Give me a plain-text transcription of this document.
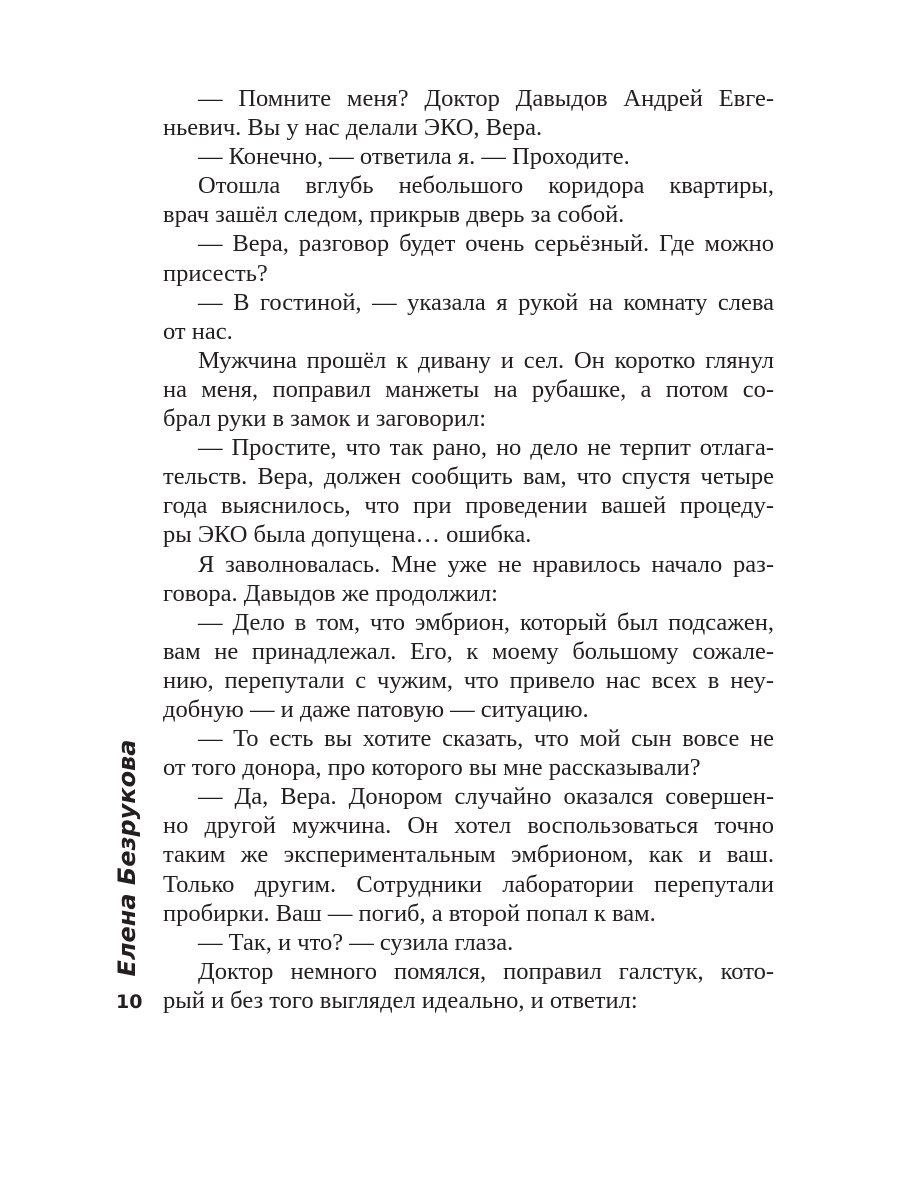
— Помните меня? Доктор Давыдов Андрей Евге-
ньевич. Вы у нас делали ЭКО, Вера.
— Конечно, — ответила я. — Проходите.
Отошла вглубь небольшого коридора квартиры,
врач зашёл следом, прикрыв дверь за собой.
— Вера, разговор будет очень серьёзный. Где можно
присесть?
— В гостиной, — указала я рукой на комнату слева
от нас.
Мужчина прошёл к дивану и сел. Он коротко глянул
на меня, поправил манжеты на рубашке, а потом со-
брал руки в замок и заговорил:
— Простите, что так рано, но дело не терпит отлага-
тельств. Вера, должен сообщить вам, что спустя четыре
года выяснилось, что при проведении вашей процеду-
ры ЭКО была допущена… ошибка.
Я заволновалась. Мне уже не нравилось начало раз-
говора. Давыдов же продолжил:
— Дело в том, что эмбрион, который был подсажен,
вам не принадлежал. Его, к моему большому сожале-
нию, перепутали с чужим, что привело нас всех в неу-
добную — и даже патовую — ситуацию.
— То есть вы хотите сказать, что мой сын вовсе не
от того донора, про которого вы мне рассказывали?
— Да, Вера. Донором случайно оказался совершен-
но другой мужчина. Он хотел воспользоваться точно
таким же экспериментальным эмбрионом, как и ваш.
Только другим. Сотрудники лаборатории перепутали
пробирки. Ваш — погиб, а второй попал к вам.
— Так, и что? — сузила глаза.
Доктор немного помялся, поправил галстук, кото-
рый и без того выглядел идеально, и ответил:
Елена Безрукова
10
